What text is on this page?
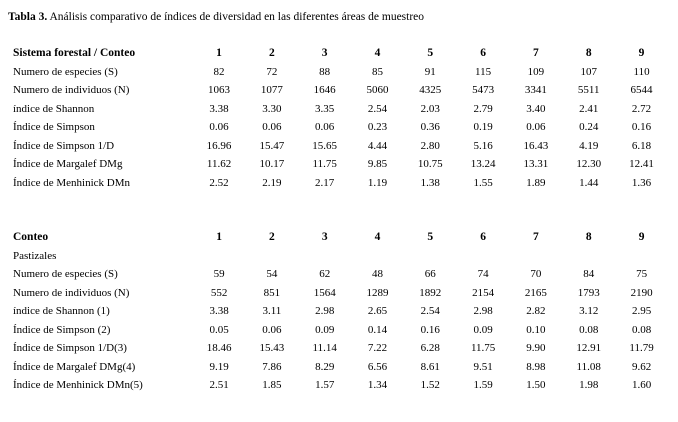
Tabla 3. Análisis comparativo de índices de diversidad en las diferentes áreas de muestreo
Sistema forestal / Conteo	1	2	3	4	5	6	7	8	9
Numero de especies (S)	82	72	88	85	91	115	109	107	110
Numero de individuos (N)	1063	1077	1646	5060	4325	5473	3341	5511	6544
índice de Shannon	3.38	3.30	3.35	2.54	2.03	2.79	3.40	2.41	2.72
Índice de Simpson	0.06	0.06	0.06	0.23	0.36	0.19	0.06	0.24	0.16
Índice de Simpson 1/D	16.96	15.47	15.65	4.44	2.80	5.16	16.43	4.19	6.18
Índice de Margalef DMg	11.62	10.17	11.75	9.85	10.75	13.24	13.31	12.30	12.41
Índice de Menhinick DMn	2.52	2.19	2.17	1.19	1.38	1.55	1.89	1.44	1.36
Conteo	1	2	3	4	5	6	7	8	9
Pastizales									
Numero de especies (S)	59	54	62	48	66	74	70	84	75
Numero de individuos (N)	552	851	1564	1289	1892	2154	2165	1793	2190
índice de Shannon (1)	3.38	3.11	2.98	2.65	2.54	2.98	2.82	3.12	2.95
Índice de Simpson (2)	0.05	0.06	0.09	0.14	0.16	0.09	0.10	0.08	0.08
Índice de Simpson 1/D(3)	18.46	15.43	11.14	7.22	6.28	11.75	9.90	12.91	11.79
Índice de Margalef DMg(4)	9.19	7.86	8.29	6.56	8.61	9.51	8.98	11.08	9.62
Índice de Menhinick DMn(5)	2.51	1.85	1.57	1.34	1.52	1.59	1.50	1.98	1.60
